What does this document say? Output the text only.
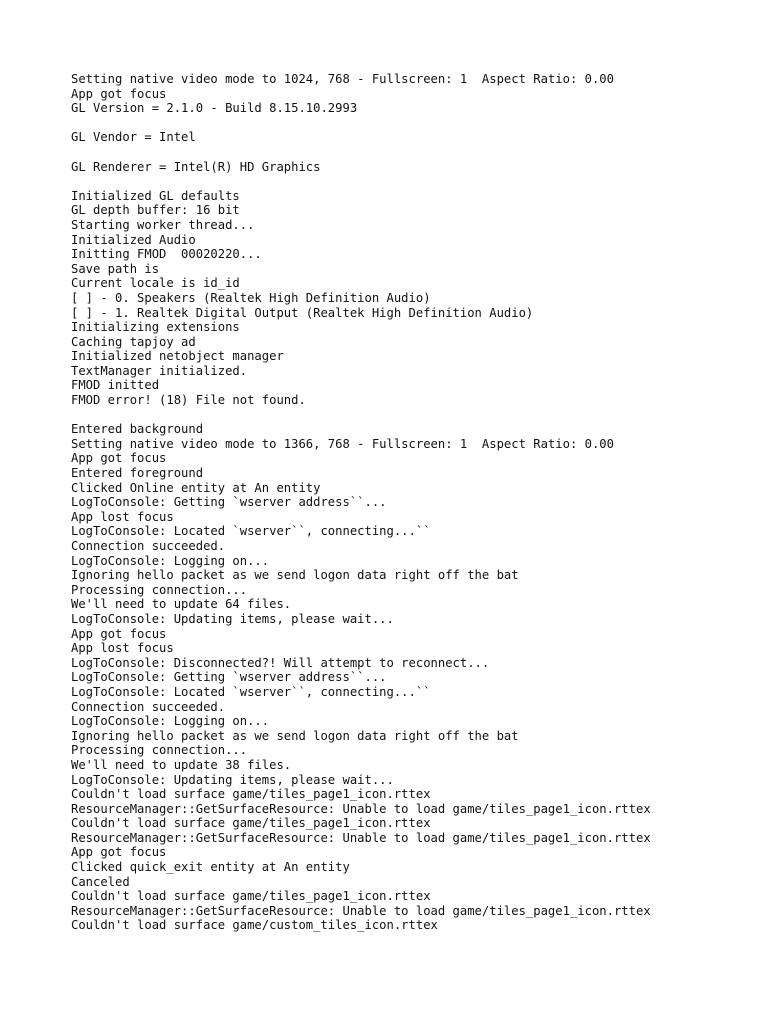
Setting native video mode to 1024, 768 - Fullscreen: 1  Aspect Ratio: 0.00
App got focus
GL Version = 2.1.0 - Build 8.15.10.2993

GL Vendor = Intel

GL Renderer = Intel(R) HD Graphics

Initialized GL defaults
GL depth buffer: 16 bit
Starting worker thread...
Initialized Audio
Initting FMOD  00020220...
Save path is
Current locale is id_id
[ ] - 0. Speakers (Realtek High Definition Audio)
[ ] - 1. Realtek Digital Output (Realtek High Definition Audio)
Initializing extensions
Caching tapjoy ad
Initialized netobject manager
TextManager initialized.
FMOD initted
FMOD error! (18) File not found.

Entered background
Setting native video mode to 1366, 768 - Fullscreen: 1  Aspect Ratio: 0.00
App got focus
Entered foreground
Clicked Online entity at An entity
LogToConsole: Getting `wserver address``...
App lost focus
LogToConsole: Located `wserver``, connecting...``
Connection succeeded.
LogToConsole: Logging on...
Ignoring hello packet as we send logon data right off the bat
Processing connection...
We'll need to update 64 files.
LogToConsole: Updating items, please wait...
App got focus
App lost focus
LogToConsole: Disconnected?! Will attempt to reconnect...
LogToConsole: Getting `wserver address``...
LogToConsole: Located `wserver``, connecting...``
Connection succeeded.
LogToConsole: Logging on...
Ignoring hello packet as we send logon data right off the bat
Processing connection...
We'll need to update 38 files.
LogToConsole: Updating items, please wait...
Couldn't load surface game/tiles_page1_icon.rttex
ResourceManager::GetSurfaceResource: Unable to load game/tiles_page1_icon.rttex
Couldn't load surface game/tiles_page1_icon.rttex
ResourceManager::GetSurfaceResource: Unable to load game/tiles_page1_icon.rttex
App got focus
Clicked quick_exit entity at An entity
Canceled
Couldn't load surface game/tiles_page1_icon.rttex
ResourceManager::GetSurfaceResource: Unable to load game/tiles_page1_icon.rttex
Couldn't load surface game/custom_tiles_icon.rttex
